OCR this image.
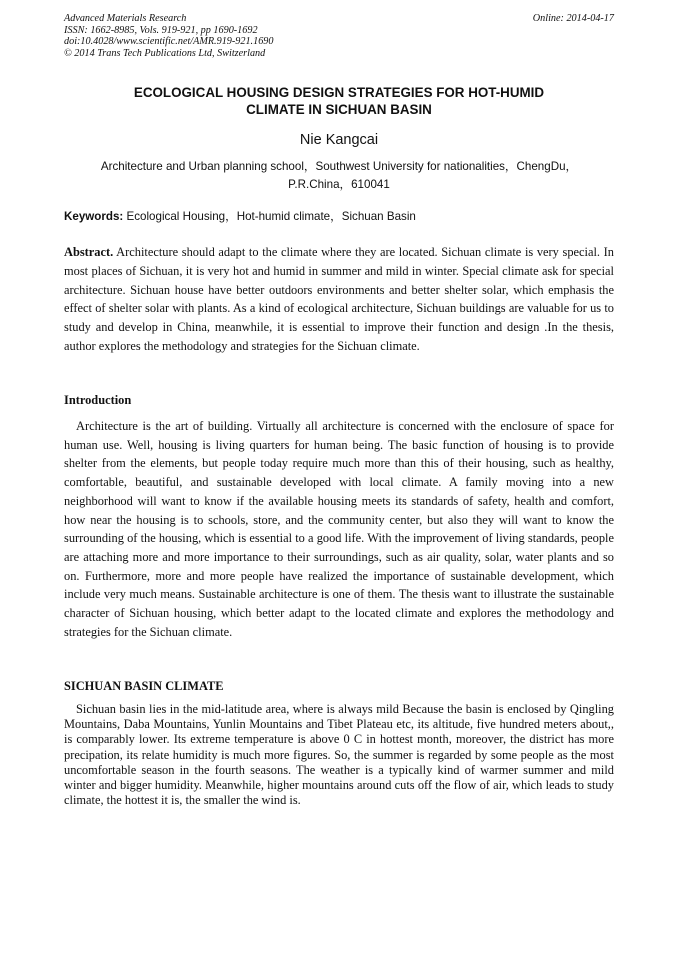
Advanced Materials Research
ISSN: 1662-8985, Vols. 919-921, pp 1690-1692
doi:10.4028/www.scientific.net/AMR.919-921.1690
© 2014 Trans Tech Publications Ltd, Switzerland
Online: 2014-04-17
ECOLOGICAL HOUSING DESIGN STRATEGIES FOR HOT-HUMID
CLIMATE IN SICHUAN BASIN
Nie Kangcai
Architecture and Urban planning school，Southwest University for nationalities，ChengDu，
P.R.China，610041
Keywords: Ecological Housing，Hot-humid climate，Sichuan Basin
Abstract. Architecture should adapt to the climate where they are located. Sichuan climate is very special. In most places of Sichuan, it is very hot and humid in summer and mild in winter. Special climate ask for special architecture. Sichuan house have better outdoors environments and better shelter solar, which emphasis the effect of shelter solar with plants. As a kind of ecological architecture, Sichuan buildings are valuable for us to study and develop in China, meanwhile, it is essential to improve their function and design .In the thesis, author explores the methodology and strategies for the Sichuan climate.
Introduction
Architecture is the art of building. Virtually all architecture is concerned with the enclosure of space for human use. Well, housing is living quarters for human being. The basic function of housing is to provide shelter from the elements, but people today require much more than this of their housing, such as healthy, comfortable, beautiful, and sustainable developed with local climate. A family moving into a new neighborhood will want to know if the available housing meets its standards of safety, health and comfort, how near the housing is to schools, store, and the community center, but also they will want to know the surrounding of the housing, which is essential to a good life. With the improvement of living standards, people are attaching more and more importance to their surroundings, such as air quality, solar, water plants and so on. Furthermore, more and more people have realized the importance of sustainable development, which include very much means. Sustainable architecture is one of them. The thesis want to illustrate the sustainable character of Sichuan housing, which better adapt to the located climate and explores the methodology and strategies for the Sichuan climate.
SICHUAN BASIN CLIMATE
Sichuan basin lies in the mid-latitude area, where is always mild Because the basin is enclosed by Qingling Mountains, Daba Mountains, Yunlin Mountains and Tibet Plateau etc, its altitude, five hundred meters about,, is comparably lower. Its extreme temperature is above 0 C in hottest month, moreover, the district has more precipation, its relate humidity is much more figures. So, the summer is regarded by some people as the most uncomfortable season in the fourth seasons. The weather is a typically kind of warmer summer and mild winter and bigger humidity. Meanwhile, higher mountains around cuts off the flow of air, which leads to study climate, the hottest it is, the smaller the wind is.
